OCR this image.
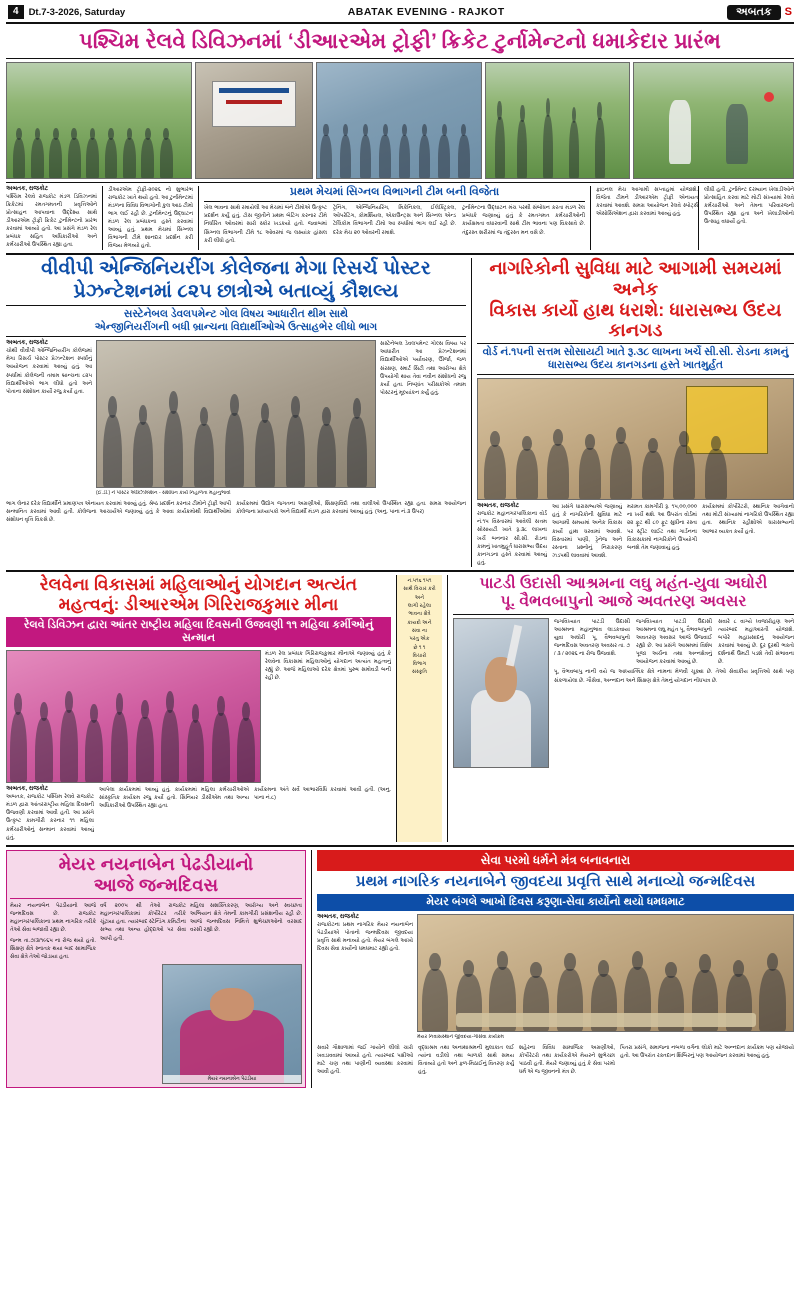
4	Dt.7-3-2026, Saturday	ABATAK EVENING - RAJKOT	અબતક	S
પશ્ચિમ રેલવે ડિવિઝનમાં ‘ડીઆરએમ ટ્રોફી’ ક્રિકેટ ટુર્નામેન્ટનો ધમાકેદાર પ્રારંભ
અબતક, રાજકોટ
પશ્ચિમ રેલવે રાજકોટ મંડળ ડિવિઝનમાં ક્રિકેટમાં રમતગમતની પ્રવૃત્તિઓને પ્રોત્સાહન આપવાના ઉદ્દેશ્ય સાથે ડીઆરએમ ટ્રોફી ક્રિકેટ ટુર્નામેન્ટનો પ્રારંભ કરવામાં આવ્યો હતો. આ પ્રસંગે મંડળ રેલ પ્રબંધક સહિત અધિકારીઓ અને કર્મચારીઓ ઉપસ્થિત રહ્યા હતા.
ડીઆરએમ ટ્રોફી-૨૦૨૬ નો શુભારંભ રાજકોટ ખાતે થયો હતો. આ ટુર્નામેન્ટમાં મંડળના વિવિધ વિભાગોની કુલ આઠ ટીમો ભાગ લઈ રહી છે. ટુર્નામેન્ટનું ઉદ્ઘાટન મંડળ રેલ પ્રબંધકના હસ્તે કરવામાં આવ્યું હતું. પ્રથમ મેચમાં સિગ્નલ વિભાગની ટીમે શાનદાર પ્રદર્શન કરી વિજય મેળવ્યો હતો.
પ્રથમ મેચમાં સિગ્નલ વિભાગની ટીમ બની વિજેતા
ખેલ ભાવના સાથે રમાયેલી આ મેચમાં બંને ટીમોએ ઉત્કૃષ્ટ પ્રદર્શન કર્યું હતું. ટોસ જીતીને પ્રથમ બેટિંગ કરનાર ટીમે નિર્ધારિત ઓવરમાં સારો સ્કોર ખડકયો હતો. જવાબમાં સિગ્નલ વિભાગની ટીમે ૧૮ ઓવરમાં જ લક્ષ્યાંક હાંસલ કરી લીધો હતો.
ટ્રેનિંગ, એન્જિનિયરિંગ, મિકેનિકલ, ઈલેક્ટ્રિકલ, ઓપરેટિંગ, કોમર્શિયલ, એકાઉન્ટ્સ અને સિગ્નલ એન્ડ ટેલિકોમ વિભાગની ટીમો આ સ્પર્ધામાં ભાગ લઈ રહી છે. દરેક મેચ ૨૦ ઓવરની રમાશે.
ટુર્નામેન્ટના ઉદ્ઘાટન મંચ પરથી સંબોધન કરતા મંડળ રેલ પ્રબંધકે જણાવ્યું હતું કે રમતગમત કર્મચારીઓની કાર્યક્ષમતા વધારવાની સાથે ટીમ ભાવના પણ વિકસાવે છે. તંદુરસ્ત શરીરમાં જ તંદુરસ્ત મન વસે છે.
ફાઇનલ મેચ આગામી સપ્તાહમાં યોજાશે. વિજેતા ટીમને ડીઆરએમ ટ્રોફી એનાયત કરવામાં આવશે. સમગ્ર આયોજન રેલવે સ્પોર્ટ્સ એસોસિએશન દ્વારા કરવામાં આવ્યું હતું.
લીધી હતી. ટુર્નામેન્ટ દરમ્યાન ખેલાડીઓને પ્રોત્સાહિત કરવા માટે મોટી સંખ્યામાં રેલવે કર્મચારીઓ અને તેમના પરિવારજનો ઉપસ્થિત રહ્યા હતા અને ખેલાડીઓનો ઉત્સાહ વધાર્યો હતો.
વીવીપી એન્જિનિયરીંગ કોલેજના મેગા રિસર્ચ પોસ્ટર
પ્રેઝન્ટેશનમાં ૮૨૫ છાત્રોએ બતાવ્યું કૌશલ્ય
સસ્ટેનેબલ ડેવલપમેન્ટ ગોલ વિષય આધારીત થીમ સાથે
એન્જીનિયરીંગની બધી બ્રાન્ચના વિદ્યાર્થીઓએ ઉત્સાહભેર લીધો ભાગ
અબતક, રાજકોટ
ચોથી વીવીપી એન્જિનિયરીંગ કોલેજમાં મેગા રિસર્ચ પોસ્ટર પ્રેઝન્ટેશન સ્પર્ધાનું આયોજન કરવામાં આવ્યું હતું. આ સ્પર્ધામાં કોલેજની તમામ બ્રાન્ચના ૮૨૫ વિદ્યાર્થીઓએ ભાગ લીધો હતો અને પોતાના સંશોધન કાર્યો રજુ કર્યા હતા.
(ઈ.ડી.) ને પોસ્ટર એક્ઝિબિશન - સંશોધન કાર્ય નિહાળતા મહાનુભાવો
સસ્ટેનેબલ ડેવલપમેન્ટ ગોલ્સ વિષય પર આધારીત આ પ્રેઝન્ટેશનમાં વિદ્યાર્થીઓએ પર્યાવરણ, ઊર્જા, જળ સંરક્ષણ, સ્માર્ટ સિટી તથા આરોગ્ય ક્ષેત્રે ઉપયોગી થાય તેવા નવીન સંશોધનો રજુ કર્યા હતા. નિષ્ણાંત પરીક્ષકોએ તમામ પોસ્ટરનું મૂલ્યાંકન કર્યું હતું.
ભાગ લેનાર દરેક વિદ્યાર્થીને પ્રમાણપત્ર એનાયત કરવામાં આવ્યું હતું. શ્રેષ્ઠ પ્રદર્શન કરનાર ટીમોને ટ્રોફી આપી સન્માનિત કરવામાં આવી હતી. કોલેજના આચાર્યએ જણાવ્યું હતું કે આવા કાર્યક્રમોથી વિદ્યાર્થીઓમાં સંશોધન વૃત્તિ વિકસે છે.
કાર્યક્રમમાં ઉદ્યોગ જગતના અગ્રણીઓ, શિક્ષણવિદો તથા વાલીઓ ઉપસ્થિત રહ્યા હતા. સમગ્ર આયોજન કોલેજના પ્રાધ્યાપકો અને વિદ્યાર્થી મંડળ દ્વારા કરવામાં આવ્યું હતું. (અનુ. પાના નં.૩ ઉપર)
નાગરિકોની સુવિધા માટે આગામી સમયમાં અનેક
વિકાસ કાર્યો હાથ ધરાશે: ધારાસભ્ય ઉદય કાનગડ
વોર્ડ નં.૧૫ની સત્તમ સોસાયટી ખાતે રૂ.૩૮ લાખના ખર્ચે સી.સી. રોડના કામનું ધારાસભ્ય ઉદય કાનગડના હસ્તે ખાતમુર્હત
અબતક, રાજકોટ
રાજકોટ મહાનગરપાલિકાના વોર્ડ નં.૧૫ વિસ્તારમાં આવેલી સત્તમ સોસાયટી ખાતે રૂ.૩૮ લાખના ખર્ચે બનનાર સી.સી. રોડના કામનું ખાતમુહૂર્ત ધારાસભ્ય ઉદય કાનગડના હસ્તે કરવામાં આવ્યું હતું.
આ પ્રસંગે ધારાસભ્યએ જણાવ્યું હતું કે નાગરિકોની સુવિધા માટે આગામી સમયમાં અનેક વિકાસ કાર્યો હાથ ધરવામાં આવશે. વિસ્તારમાં પાણી, ડ્રેનેજ અને રસ્તાના પ્રશ્નોનું નિરાકરણ ઝડપથી લાવવામાં આવશે.
મરામત કામગીરી રૂ. ૧૫,૦૦,૦૦૦ ના ખર્ચે થશે. આ ઉપરાંત વોર્ડમાં ૨૨ ફૂટ થી ૮૦ ફૂટ સુધીના રસ્તા પર સ્ટ્રીટ લાઈટ તથા ગાર્ડનના વિકાસકામો નાગરિકોને ઉપયોગી બનશે તેમ જણાવાયું હતું.
કાર્યક્રમમાં કોર્પોરેટરો, સ્થાનિક આગેવાનો તથા મોટી સંખ્યામાં નાગરિકો ઉપસ્થિત રહ્યા હતા. સ્થાનિક રહીશોએ ધારાસભ્યનો આભાર વ્યક્ત કર્યો હતો.
રેલવેના વિકાસમાં મહિલાઓનું યોગદાન અત્યંત
મહત્વનું: ડીઆરએમ ગિરિરાજકુમાર મીના
રેલવે ડિવિઝન દ્વારા આંતર રાષ્ટ્રીય મહિલા દિવસની ઉજવણી ૧૧ મહિલા કર્મીઓનું સન્માન
મંડળ રેલ પ્રબંધક ગિરિરાજકુમાર મીનાએ જણાવ્યું હતું કે રેલવેના વિકાસમાં મહિલાઓનું યોગદાન અત્યંત મહત્વનું રહ્યું છે. આજે મહિલાઓ દરેક ક્ષેત્રમાં પુરુષ સમોવડી બની રહી છે.
અબતક, રાજકોટ
અબતક, રાજકોટ પશ્ચિમ રેલવે રાજકોટ મંડળ દ્વારા આંતરરાષ્ટ્રીય મહિલા દિવસની ઉજવણી કરવામાં આવી હતી. આ પ્રસંગે ઉત્કૃષ્ટ કામગીરી કરનાર ૧૧ મહિલા કર્મચારીઓનું સન્માન કરવામાં આવ્યું હતું.
આપેલા કાર્યક્રમમાં આવ્યું હતું. કાર્યક્રમમાં મહિલા કર્મચારીઓએ સાંસ્કૃતિક કાર્યક્રમ રજુ કર્યો હતો. સિનિયર ડીસીએમ તથા અન્ય અધિકારીઓ ઉપસ્થિત રહ્યા હતા.
કાર્યક્રમના અંતે સર્વે આભારવિધિ કરવામાં આવી હતી. (અનુ. પાના નં.૮)
નં.૫૧૬ ૧૫૧
સાથે વિચાર કરો અને
લાગી રહેલા
ભાવના ક્ષેત્રે
કાયદો અને
સંવા ના
પરંતુ એક
છે ૧ ૧
વિચારો
વિભાગ
સંસ્કૃતિ
પાટડી ઉદાસી આશ્રમના લઘુ મહંત-યુવા અઘોરી
પૂ. વૈભવબાપુનો આજે અવતરણ અવસર
જગવિખ્યાત પાટડી ઉદાસી આશ્રમના મહાનુભાવ લાડકવાયા યુવા અઘોરી પૂ. વૈભવબાપુનો જન્મદિવસ અવતરણ અવસર તા. ૭ / ૩ / ૨૦૨૬ ના રોજ ઉજવાશે.
જગવિખ્યાત પાટડી ઉદાસી આશ્રમના લઘુ મહંત પૂ. વૈભવબાપુનો અવતરણ અવસર આજે ઉજવાઈ રહ્યો છે. આ પ્રસંગે આશ્રમમાં વિશેષ પૂજા અર્ચના તથા અન્નક્ષેત્રનું આયોજન કરવામાં આવ્યું છે.
સવારે ૮ વાગ્યે ધ્વજારોહણ અને ત્યારબાદ મહાઆરતી યોજાશે. બપોરે મહાપ્રસાદનું આયોજન કરવામાં આવ્યું છે. દૂર દૂરથી ભક્તો દર્શનાર્થે ઉમટી પડશે તેવી સંભાવના છે.
પૂ. વૈભવબાપુ નાની વયે જ આધ્યાત્મિક ક્ષેત્રે નામના મેળવી ચૂક્યા છે. તેઓ સેવાકીય પ્રવૃત્તિઓ સાથે પણ સંકળાયેલા છે. ગૌસેવા, અન્નદાન અને શિક્ષણ ક્ષેત્રે તેમનું યોગદાન નોંધપાત્ર છે.
મેયર નયનાબેન પેઢડીયાનો
આજે જન્મદિવસ
મેયર નયનાબેન પેઢડીયાનો આજે જન્મદિવસ છે. રાજકોટ મહાનગરપાલિકાના પ્રથમ નાગરિક તરીકે તેઓ સેવા બજાવી રહ્યા છે.
જન્મ તા.૭/૩/૧૯૬૫ ના રોજ થયો હતો. શિક્ષણ ક્ષેત્રે સ્નાતક થયા બાદ સામાજિક સેવા ક્ષેત્રે તેઓ જોડાયા હતા.
વર્ષ ૨૦૦૫ થી તેઓ રાજકોટ મહાનગરપાલિકામાં કોર્પોરેટર તરીકે ચૂંટાયા હતા. ત્યારબાદ સ્ટેન્ડિંગ કમિટીના સભ્ય તથા અન્ય હોદ્દાઓ પર સેવા આપી હતી.
મહિલા સશક્તિકરણ, આરોગ્ય અને સ્વચ્છતા અભિયાન ક્ષેત્રે તેમની કામગીરી પ્રસંશનીય રહી છે. આજે જન્મદિવસ નિમિત્તે શુભેચ્છાઓનો વરસાદ વરસી રહ્યો છે.
મેયર નયનાબેન પેઢડીયા
સેવા પરમો ધર્મને મંત્ર બનાવનારા
પ્રથમ નાગરિક નયનાબેને જીવદયા પ્રવૃત્તિ સાથે મનાવ્યો જન્મદિવસ
મેયર બંગલે આખો દિવસ કરૂણા-સેવા કાર્યોનો થયો ધમધમાટ
અબતક, રાજકોટ
રાજકોટના પ્રથમ નાગરિક મેયર નયનાબેન પેઢડીયાએ પોતાનો જન્મદિવસ જીવદયા પ્રવૃત્તિ સાથે મનાવ્યો હતો. મેયર બંગલે આખો દિવસ સેવા કાર્યોનો ધમધમાટ રહ્યો હતો.
મેયર નિવાસસ્થાને જીવદયા-ગૌસેવા કાર્યક્રમ
સવારે ગૌશાળામાં જઈ ગાયોને લીલો ચારો ખવડાવવામાં આવ્યો હતો. ત્યારબાદ પક્ષીઓ માટે ચણ તથા પાણીની વ્યવસ્થા કરવામાં આવી હતી.
વૃદ્ધાશ્રમ તથા અનાથાશ્રમની મુલાકાત લઈ ત્યાંના વડીલો તથા બાળકો સાથે સમય વિતાવ્યો હતો અને ફળ-મિઠાઈનું વિતરણ કર્યું હતું.
શહેરના વિવિધ સામાજિક અગ્રણીઓ, કોર્પોરેટરો તથા કાર્યકરોએ મેયરને શુભેચ્છા પાઠવી હતી. મેયરે જણાવ્યું હતું કે સેવા પરમો ધર્મ એ જ જીવનનો મંત્ર છે.
પિતરા પ્રસંગે, સમાજના નબળા વર્ગના લોકો માટે અન્નદાન કાર્યક્રમ પણ યોજાયો હતો. આ ઉપરાંત રક્તદાન શિબિરનું પણ આયોજન કરવામાં આવ્યું હતું.
